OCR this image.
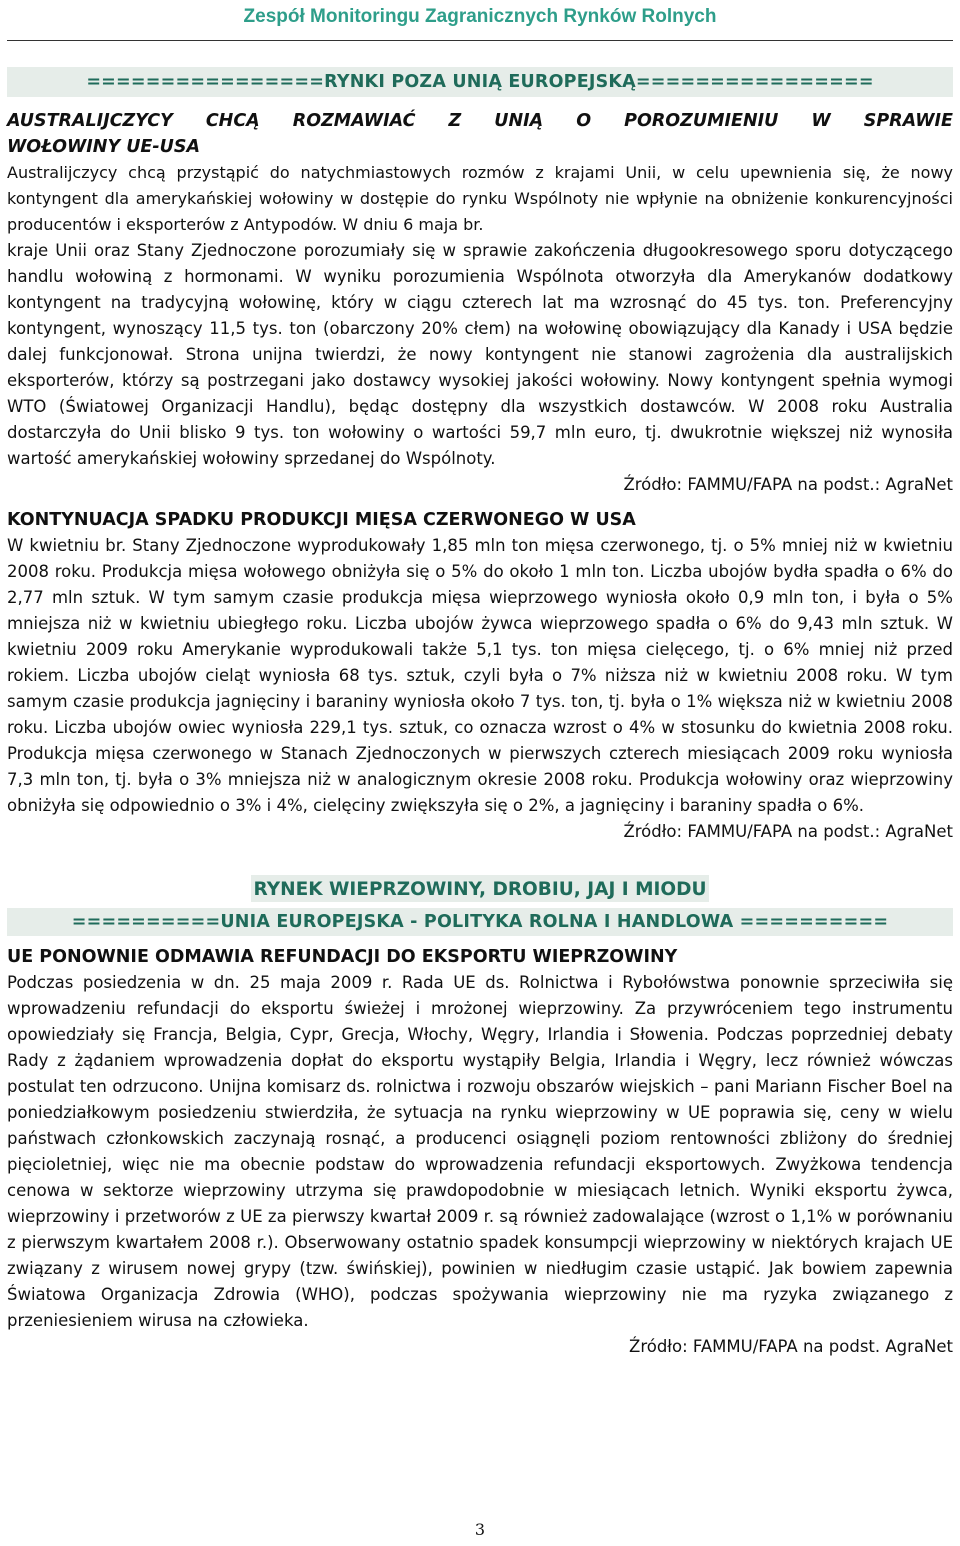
Zespół Monitoringu Zagranicznych Rynków Rolnych
================RYNKI POZA UNIĄ EUROPEJSKĄ================
AUSTRALIJCZYCY CHCĄ ROZMAWIAĆ Z UNIĄ O POROZUMIENIU W SPRAWIE
WOŁOWINY UE-USA

Australijczycy chcą przystąpić do natychmiastowych rozmów z krajami Unii, w celu upewnienia się, że nowy kontyngent dla amerykańskiej wołowiny w dostępie do rynku Wspólnoty nie wpłynie na obniżenie konkurencyjności producentów i eksporterów z Antypodów. W dniu 6 maja br.

kraje Unii oraz Stany Zjednoczone porozumiały się w sprawie zakończenia długookresowego sporu dotyczącego handlu wołowiną z hormonami. W wyniku porozumienia Wspólnota otworzyła dla Amerykanów dodatkowy kontyngent na tradycyjną wołowinę, który w ciągu czterech lat ma wzrosnąć do 45 tys. ton. Preferencyjny kontyngent, wynoszący 11,5 tys. ton (obarczony 20% cłem) na wołowinę obowiązujący dla Kanady i USA będzie dalej funkcjonował. Strona unijna twierdzi, że nowy kontyngent nie stanowi zagrożenia dla australijskich eksporterów, którzy są postrzegani jako dostawcy wysokiej jakości wołowiny. Nowy kontyngent spełnia wymogi WTO (Światowej Organizacji Handlu), będąc dostępny dla wszystkich dostawców. W 2008 roku Australia dostarczyła do Unii blisko 9 tys. ton wołowiny o wartości 59,7 mln euro, tj. dwukrotnie większej niż wynosiła wartość amerykańskiej wołowiny sprzedanej do Wspólnoty.

Źródło: FAMMU/FAPA na podst.: AgraNet
KONTYNUACJA SPADKU PRODUKCJI MIĘSA CZERWONEGO W USA

W kwietniu br. Stany Zjednoczone wyprodukowały 1,85 mln ton mięsa czerwonego, tj. o 5% mniej niż w kwietniu 2008 roku. Produkcja mięsa wołowego obniżyła się o 5% do około 1 mln ton. Liczba ubojów bydła spadła o 6% do 2,77 mln sztuk. W tym samym czasie produkcja mięsa wieprzowego wyniosła około 0,9 mln ton, i była o 5% mniejsza niż w kwietniu ubiegłego roku. Liczba ubojów żywca wieprzowego spadła o 6% do 9,43 mln sztuk. W kwietniu 2009 roku Amerykanie wyprodukowali także 5,1 tys. ton mięsa cielęcego, tj. o 6% mniej niż przed rokiem. Liczba ubojów cieląt wyniosła 68 tys. sztuk, czyli była o 7% niższa niż w kwietniu 2008 roku. W tym samym czasie produkcja jagnięciny i baraniny wyniosła około 7 tys. ton, tj. była o 1% większa niż w kwietniu 2008 roku. Liczba ubojów owiec wyniosła 229,1 tys. sztuk, co oznacza wzrost o 4% w stosunku do kwietnia 2008 roku. Produkcja mięsa czerwonego w Stanach Zjednoczonych w pierwszych czterech miesiącach 2009 roku wyniosła 7,3 mln ton, tj. była o 3% mniejsza niż w analogicznym okresie 2008 roku. Produkcja wołowiny oraz wieprzowiny obniżyła się odpowiednio o 3% i 4%, cielęciny zwiększyła się o 2%, a jagnięciny i baraniny spadła o 6%.

Źródło: FAMMU/FAPA na podst.: AgraNet
RYNEK WIEPRZOWINY, DROBIU, JAJ I MIODU
==========UNIA EUROPEJSKA - POLITYKA ROLNA I HANDLOWA ==========
UE PONOWNIE ODMAWIA REFUNDACJI DO EKSPORTU WIEPRZOWINY

Podczas posiedzenia w dn. 25 maja 2009 r. Rada UE ds. Rolnictwa i Rybołówstwa ponownie sprzeciwiła się wprowadzeniu refundacji do eksportu świeżej i mrożonej wieprzowiny. Za przywróceniem tego instrumentu opowiedziały się Francja, Belgia, Cypr, Grecja, Włochy, Węgry, Irlandia i Słowenia. Podczas poprzedniej debaty Rady z żądaniem wprowadzenia dopłat do eksportu wystąpiły Belgia, Irlandia i Węgry, lecz również wówczas postulat ten odrzucono. Unijna komisarz ds. rolnictwa i rozwoju obszarów wiejskich – pani Mariann Fischer Boel na poniedziałkowym posiedzeniu stwierdziła, że sytuacja na rynku wieprzowiny w UE poprawia się, ceny w wielu państwach członkowskich zaczynają rosnąć, a producenci osiągnęli poziom rentowności zbliżony do średniej pięcioletniej, więc nie ma obecnie podstaw do wprowadzenia refundacji eksportowych. Zwyżkowa tendencja cenowa w sektorze wieprzowiny utrzyma się prawdopodobnie w miesiącach letnich. Wyniki eksportu żywca, wieprzowiny i przetworów z UE za pierwszy kwartał 2009 r. są również zadowalające (wzrost o 1,1% w porównaniu z pierwszym kwartałem 2008 r.). Obserwowany ostatnio spadek konsumpcji wieprzowiny w niektórych krajach UE związany z wirusem nowej grypy (tzw. świńskiej), powinien w niedługim czasie ustąpić. Jak bowiem zapewnia Światowa Organizacja Zdrowia (WHO), podczas spożywania wieprzowiny nie ma ryzyka związanego z przeniesieniem wirusa na człowieka.

Źródło: FAMMU/FAPA na podst. AgraNet
3
